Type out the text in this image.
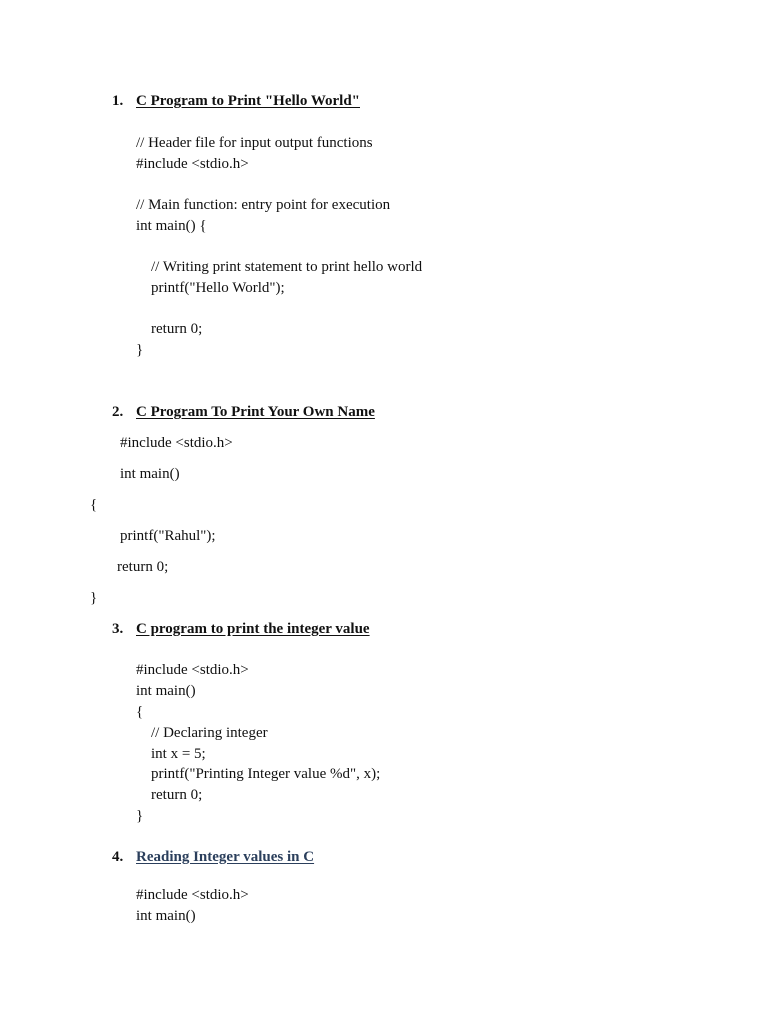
1. C Program to Print "Hello World"
// Header file for input output functions
#include <stdio.h>
// Main function: entry point for execution
int main() {
// Writing print statement to print hello world
printf("Hello World");
return 0;
}
2. C Program To Print Your Own Name
#include <stdio.h>
int main()
{
printf("Rahul");
return 0;
}
3. C program to print the integer value
#include <stdio.h>
int main()
{
// Declaring integer
int x = 5;
printf("Printing Integer value %d", x);
return 0;
}
4. Reading Integer values in C
#include <stdio.h>
int main()
